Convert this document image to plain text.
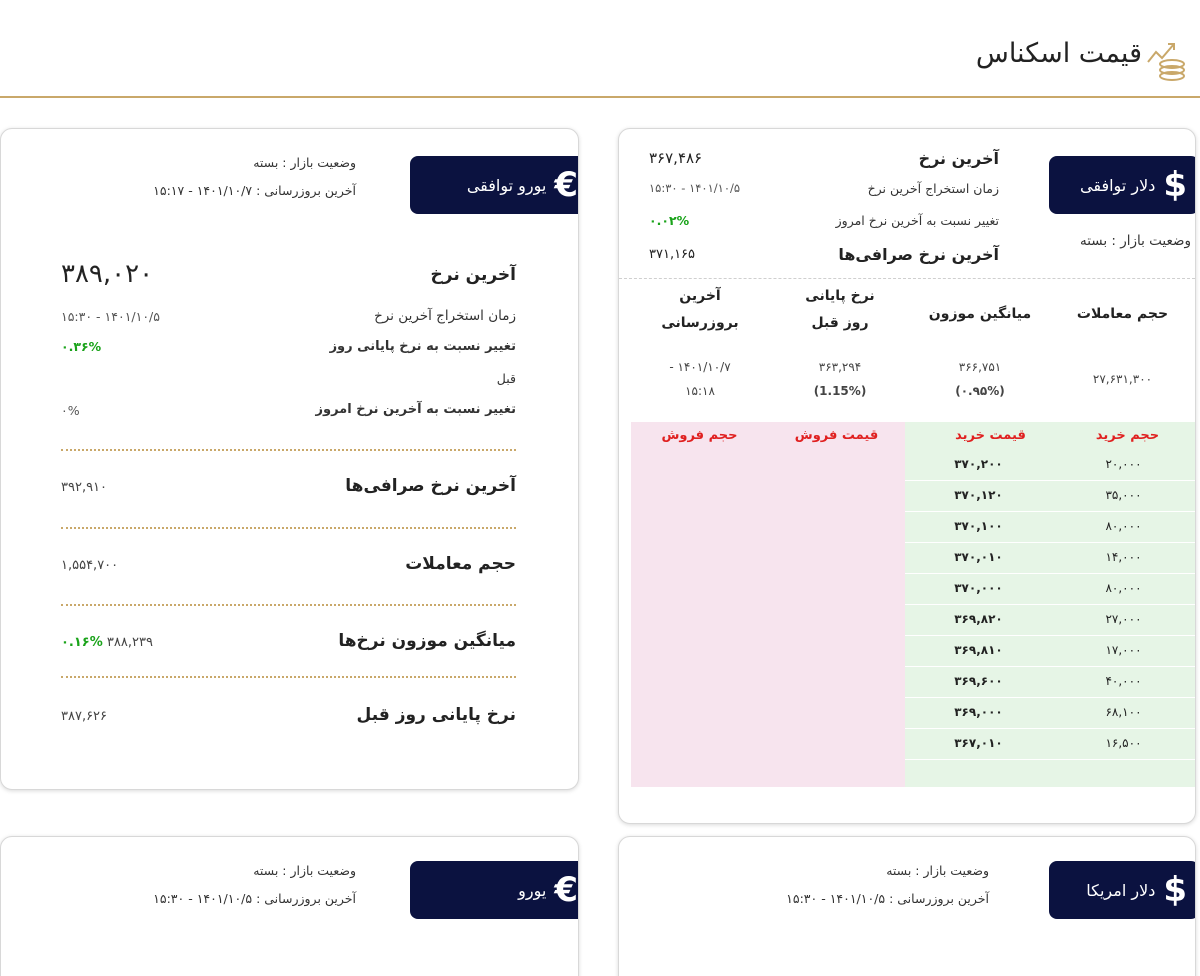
قیمت اسکناس
$
دلار توافقی
وضعیت بازار : بسته
آخرین نرخ
۳۶۷,۴۸۶
زمان استخراج آخرین نرخ
۱۴۰۱/۱۰/۵ - ۱۵:۳۰
تغییر نسبت به آخرین نرخ امروز
۰.۰۲%
آخرین نرخ صرافی‌ها
۳۷۱,۱۶۵
حجم معاملات
میانگین موزون
نرخ پایانی روز قبل
آخرین بروزرسانی
۲۷,۶۳۱,۳۰۰
۳۶۶,۷۵۱
(۰.۹۵%)
۳۶۳,۲۹۴
(1.15%)
۱۴۰۱/۱۰/۷ - ۱۵:۱۸
حجم خرید
قیمت خرید
قیمت فروش
حجم فروش
۲۰,۰۰۰
۳۷۰,۲۰۰
۳۵,۰۰۰
۳۷۰,۱۲۰
۸۰,۰۰۰
۳۷۰,۱۰۰
۱۴,۰۰۰
۳۷۰,۰۱۰
۸۰,۰۰۰
۳۷۰,۰۰۰
۲۷,۰۰۰
۳۶۹,۸۲۰
۱۷,۰۰۰
۳۶۹,۸۱۰
۴۰,۰۰۰
۳۶۹,۶۰۰
۶۸,۱۰۰
۳۶۹,۰۰۰
۱۶,۵۰۰
۳۶۷,۰۱۰
€
یورو توافقی
وضعیت بازار : بسته
آخرین بروزرسانی : ۱۴۰۱/۱۰/۷ - ۱۵:۱۷
آخرین نرخ
۳۸۹,۰۲۰
زمان استخراج آخرین نرخ
۱۴۰۱/۱۰/۵ - ۱۵:۳۰
تغییر نسبت به نرخ پایانی روز
قبل
۰.۳۶%
تغییر نسبت به آخرین نرخ امروز
۰%
آخرین نرخ صرافی‌ها
۳۹۲,۹۱۰
حجم معاملات
۱,۵۵۴,۷۰۰
میانگین موزون نرخ‌ها
۳۸۸,۲۳۹ ۰.۱۶%
نرخ پایانی روز قبل
۳۸۷,۶۲۶
$
دلار امریکا
وضعیت بازار : بسته
آخرین بروزرسانی : ۱۴۰۱/۱۰/۵ - ۱۵:۳۰
€
یورو
وضعیت بازار : بسته
آخرین بروزرسانی : ۱۴۰۱/۱۰/۵ - ۱۵:۳۰
